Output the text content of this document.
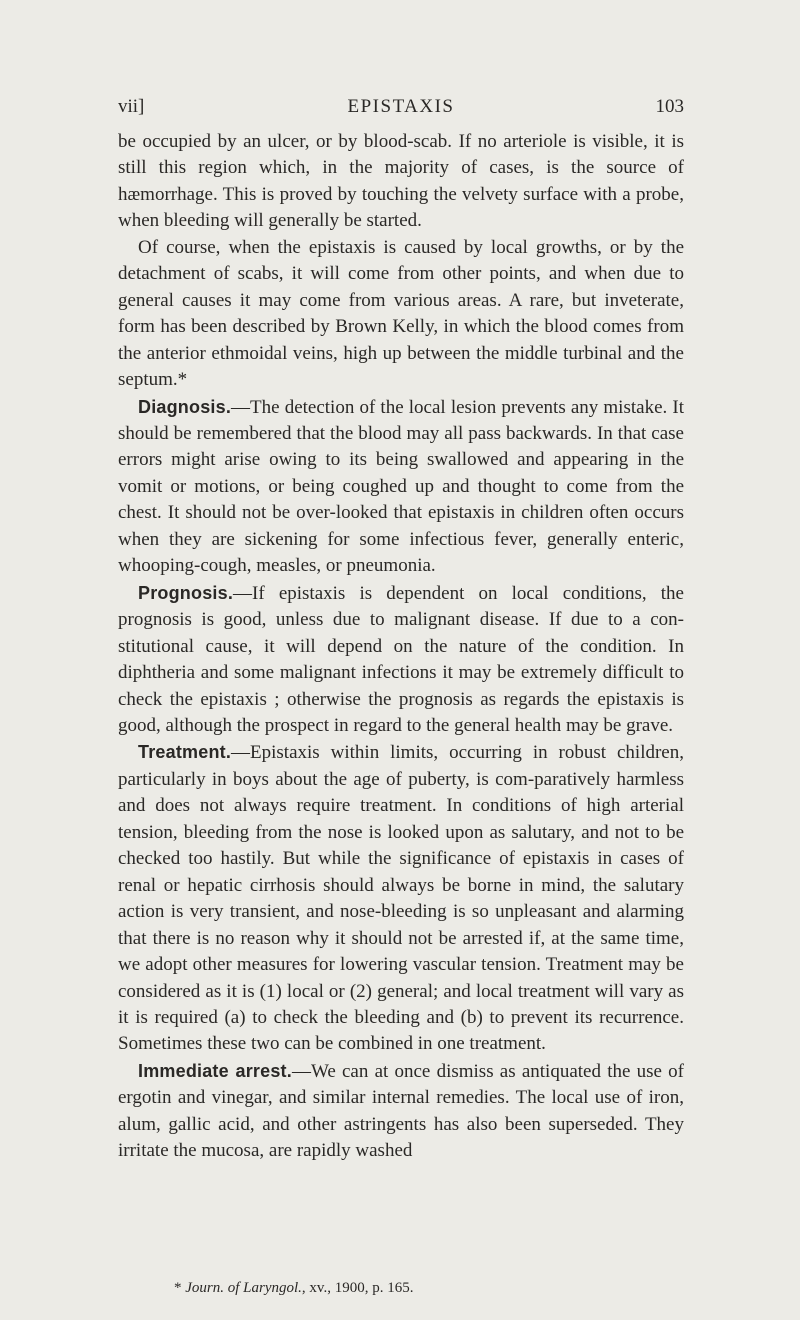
vii]	EPISTAXIS	103

be occupied by an ulcer, or by blood-scab. If no arteriole is visible, it is still this region which, in the majority of cases, is the source of hæmorrhage. This is proved by touching the velvety surface with a probe, when bleeding will generally be started.

Of course, when the epistaxis is caused by local growths, or by the detachment of scabs, it will come from other points, and when due to general causes it may come from various areas. A rare, but inveterate, form has been described by Brown Kelly, in which the blood comes from the anterior ethmoidal veins, high up between the middle turbinal and the septum.*

Diagnosis.—The detection of the local lesion prevents any mistake. It should be remembered that the blood may all pass backwards. In that case errors might arise owing to its being swallowed and appearing in the vomit or motions, or being coughed up and thought to come from the chest. It should not be over-looked that epistaxis in children often occurs when they are sickening for some infectious fever, generally enteric, whooping-cough, measles, or pneumonia.

Prognosis.—If epistaxis is dependent on local conditions, the prognosis is good, unless due to malignant disease. If due to a con-stitutional cause, it will depend on the nature of the condition. In diphtheria and some malignant infections it may be extremely difficult to check the epistaxis ; otherwise the prognosis as regards the epistaxis is good, although the prospect in regard to the general health may be grave.

Treatment.—Epistaxis within limits, occurring in robust children, particularly in boys about the age of puberty, is com-paratively harmless and does not always require treatment. In conditions of high arterial tension, bleeding from the nose is looked upon as salutary, and not to be checked too hastily. But while the significance of epistaxis in cases of renal or hepatic cirrhosis should always be borne in mind, the salutary action is very transient, and nose-bleeding is so unpleasant and alarming that there is no reason why it should not be arrested if, at the same time, we adopt other measures for lowering vascular tension. Treatment may be considered as it is (1) local or (2) general; and local treatment will vary as it is required (a) to check the bleeding and (b) to prevent its recurrence. Sometimes these two can be combined in one treatment.

Immediate arrest.—We can at once dismiss as antiquated the use of ergotin and vinegar, and similar internal remedies. The local use of iron, alum, gallic acid, and other astringents has also been superseded. They irritate the mucosa, are rapidly washed

* Journ. of Laryngol., xv., 1900, p. 165.
